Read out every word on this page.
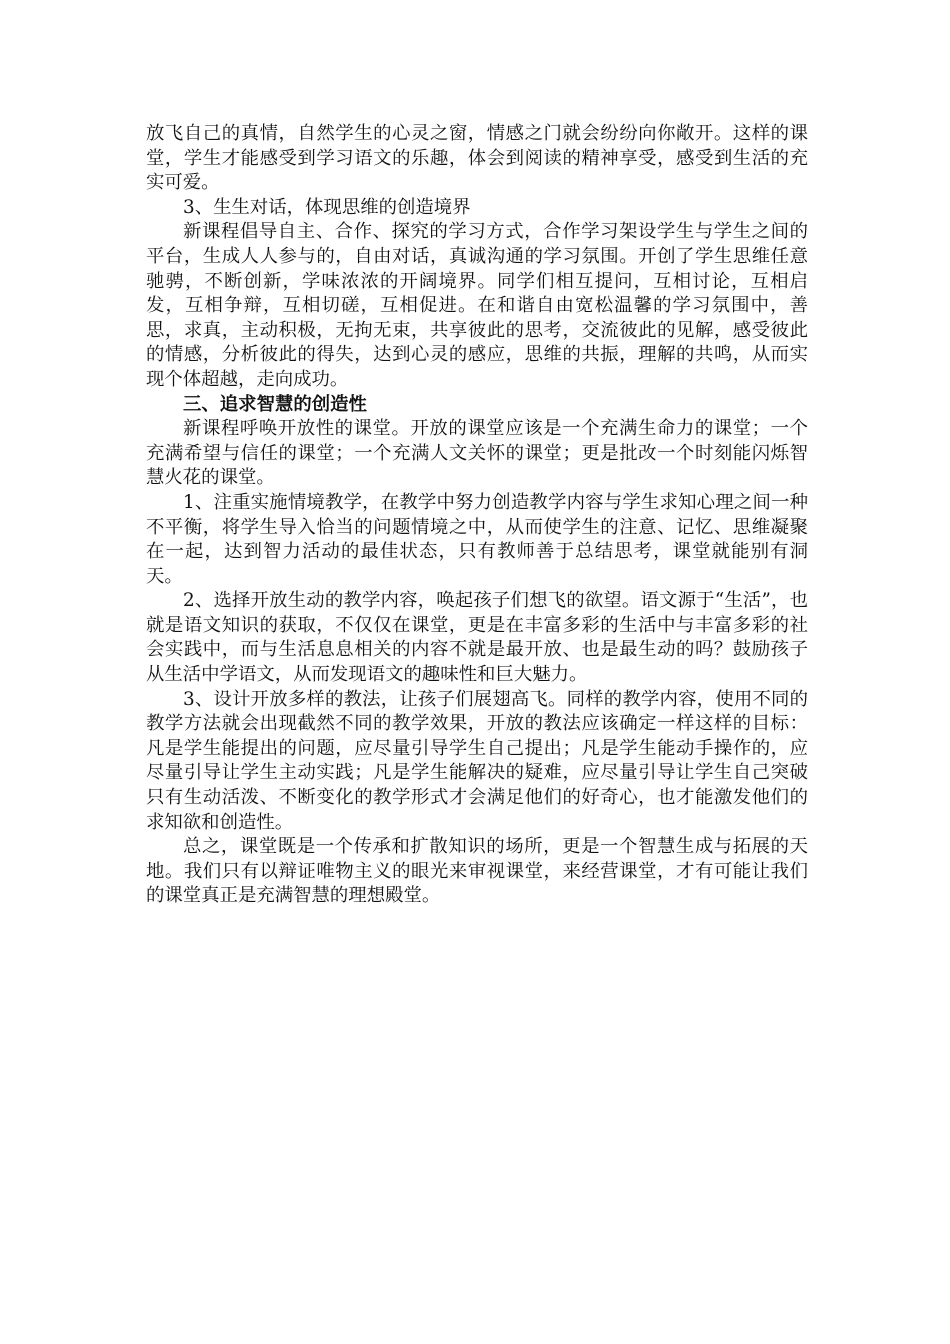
放飞自己的真情，自然学生的心灵之窗，情感之门就会纷纷向你敞开。这样的课堂，学生才能感受到学习语文的乐趣，体会到阅读的精神享受，感受到生活的充实可爱。

3、生生对话，体现思维的创造境界

新课程倡导自主、合作、探究的学习方式，合作学习架设学生与学生之间的平台，生成人人参与的，自由对话，真诚沟通的学习氛围。开创了学生思维任意驰骋，不断创新，学味浓浓的开阔境界。同学们相互提问，互相讨论，互相启发，互相争辩，互相切磋，互相促进。在和谐自由宽松温馨的学习氛围中，善思，求真，主动积极，无拘无束，共享彼此的思考，交流彼此的见解，感受彼此的情感，分析彼此的得失，达到心灵的感应，思维的共振，理解的共鸣，从而实现个体超越，走向成功。

三、追求智慧的创造性

新课程呼唤开放性的课堂。开放的课堂应该是一个充满生命力的课堂；一个充满希望与信任的课堂；一个充满人文关怀的课堂；更是批改一个时刻能闪烁智慧火花的课堂。

1、注重实施情境教学，在教学中努力创造教学内容与学生求知心理之间一种不平衡，将学生导入恰当的问题情境之中，从而使学生的注意、记忆、思维凝聚在一起，达到智力活动的最佳状态，只有教师善于总结思考，课堂就能别有洞天。

2、选择开放生动的教学内容，唤起孩子们想飞的欲望。语文源于“生活”，也就是语文知识的获取，不仅仅在课堂，更是在丰富多彩的生活中与丰富多彩的社会实践中，而与生活息息相关的内容不就是最开放、也是最生动的吗？鼓励孩子从生活中学语文，从而发现语文的趣味性和巨大魅力。

3、设计开放多样的教法，让孩子们展翅高飞。同样的教学内容，使用不同的教学方法就会出现截然不同的教学效果，开放的教法应该确定一样这样的目标：凡是学生能提出的问题，应尽量引导学生自己提出；凡是学生能动手操作的，应尽量引导让学生主动实践；凡是学生能解决的疑难，应尽量引导让学生自己突破只有生动活泼、不断变化的教学形式才会满足他们的好奇心，也才能激发他们的求知欲和创造性。

总之，课堂既是一个传承和扩散知识的场所，更是一个智慧生成与拓展的天地。我们只有以辩证唯物主义的眼光来审视课堂，来经营课堂，才有可能让我们的课堂真正是充满智慧的理想殿堂。
